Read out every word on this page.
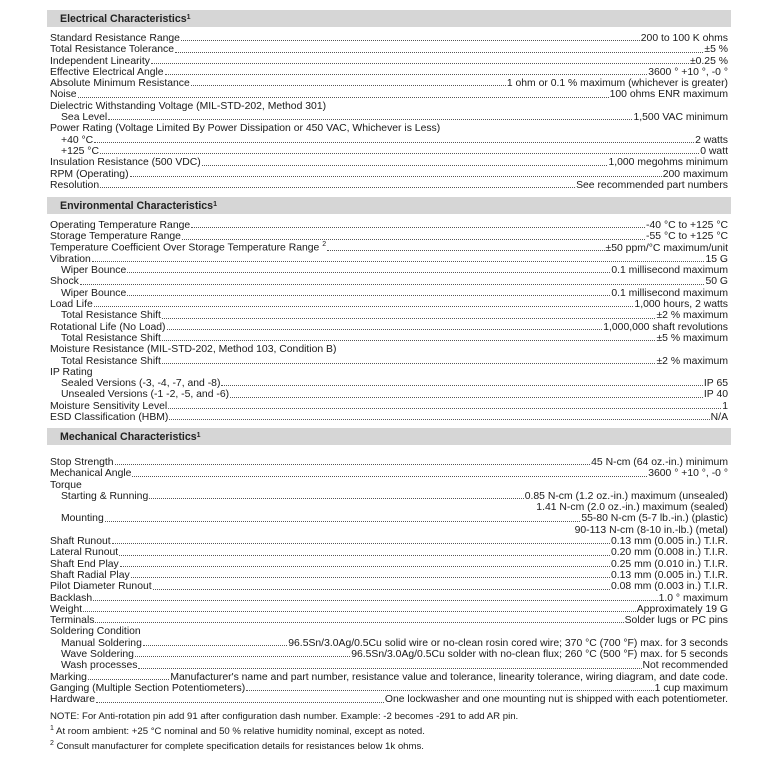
Electrical Characteristics$^1$
Standard Resistance Range	200 to 100 K ohms
Total Resistance Tolerance	±5 %
Independent Linearity	±0.25 %
Effective Electrical Angle	3600 ° +10 °, -0 °
Absolute Minimum Resistance	1 ohm or 0.1 % maximum (whichever is greater)
Noise	100 ohms ENR maximum
Dielectric Withstanding Voltage (MIL-STD-202, Method 301)
Sea Level	1,500 VAC minimum
Power Rating (Voltage Limited By Power Dissipation or 450 VAC, Whichever is Less)
+40 °C	2 watts
+125 °C	0 watt
Insulation Resistance (500 VDC)	1,000 megohms minimum
RPM (Operating)	200 maximum
Resolution	See recommended part numbers
Environmental Characteristics$^1$
Operating Temperature Range	-40 °C to +125 °C
Storage Temperature Range	-55 °C to +125 °C
Temperature Coefficient Over Storage Temperature Range $^2$	±50 ppm/°C maximum/unit
Vibration	15 G
Wiper Bounce	0.1 millisecond maximum
Shock	50 G
Wiper Bounce	0.1 millisecond maximum
Load Life	1,000 hours, 2 watts
Total Resistance Shift	±2 % maximum
Rotational Life (No Load)	1,000,000 shaft revolutions
Total Resistance Shift	±5 % maximum
Moisture Resistance (MIL-STD-202, Method 103, Condition B)
Total Resistance Shift	±2 % maximum
IP Rating
Sealed Versions (-3, -4, -7, and -8)	IP 65
Unsealed Versions (-1 -2, -5, and -6)	IP 40
Moisture Sensitivity Level	1
ESD Classification (HBM)	N/A
Mechanical Characteristics$^1$
Stop Strength	45 N-cm (64 oz.-in.) minimum
Mechanical Angle	3600 ° +10 °, -0 °
Torque
Starting & Running	0.85 N-cm (1.2 oz.-in.) maximum (unsealed)
1.41 N-cm (2.0 oz.-in.) maximum (sealed)
Mounting	55-80 N-cm (5-7 lb.-in.) (plastic)
90-113 N-cm (8-10 in.-lb.) (metal)
Shaft Runout	0.13 mm (0.005 in.) T.I.R.
Lateral Runout	0.20 mm (0.008 in.) T.I.R.
Shaft End Play	0.25 mm (0.010 in.) T.I.R.
Shaft Radial Play	0.13 mm (0.005 in.) T.I.R.
Pilot Diameter Runout	0.08 mm (0.003 in.) T.I.R.
Backlash	1.0 ° maximum
Weight	Approximately 19 G
Terminals	Solder lugs or PC pins
Soldering Condition
Manual Soldering	96.5Sn/3.0Ag/0.5Cu solid wire or no-clean rosin cored wire; 370 °C (700 °F) max. for 3 seconds
Wave Soldering	96.5Sn/3.0Ag/0.5Cu solder with no-clean flux; 260 °C (500 °F) max. for 5 seconds
Wash processes	Not recommended
Marking	Manufacturer's name and part number, resistance value and tolerance, linearity tolerance, wiring diagram, and date code.
Ganging (Multiple Section Potentiometers)	1 cup maximum
Hardware	One lockwasher and one mounting nut is shipped with each potentiometer.
NOTE: For Anti-rotation pin add 91 after configuration dash number. Example: -2 becomes -291 to add AR pin.
$^1$ At room ambient: +25 °C nominal and 50 % relative humidity nominal, except as noted.
$^2$ Consult manufacturer for complete specification details for resistances below 1k ohms.
